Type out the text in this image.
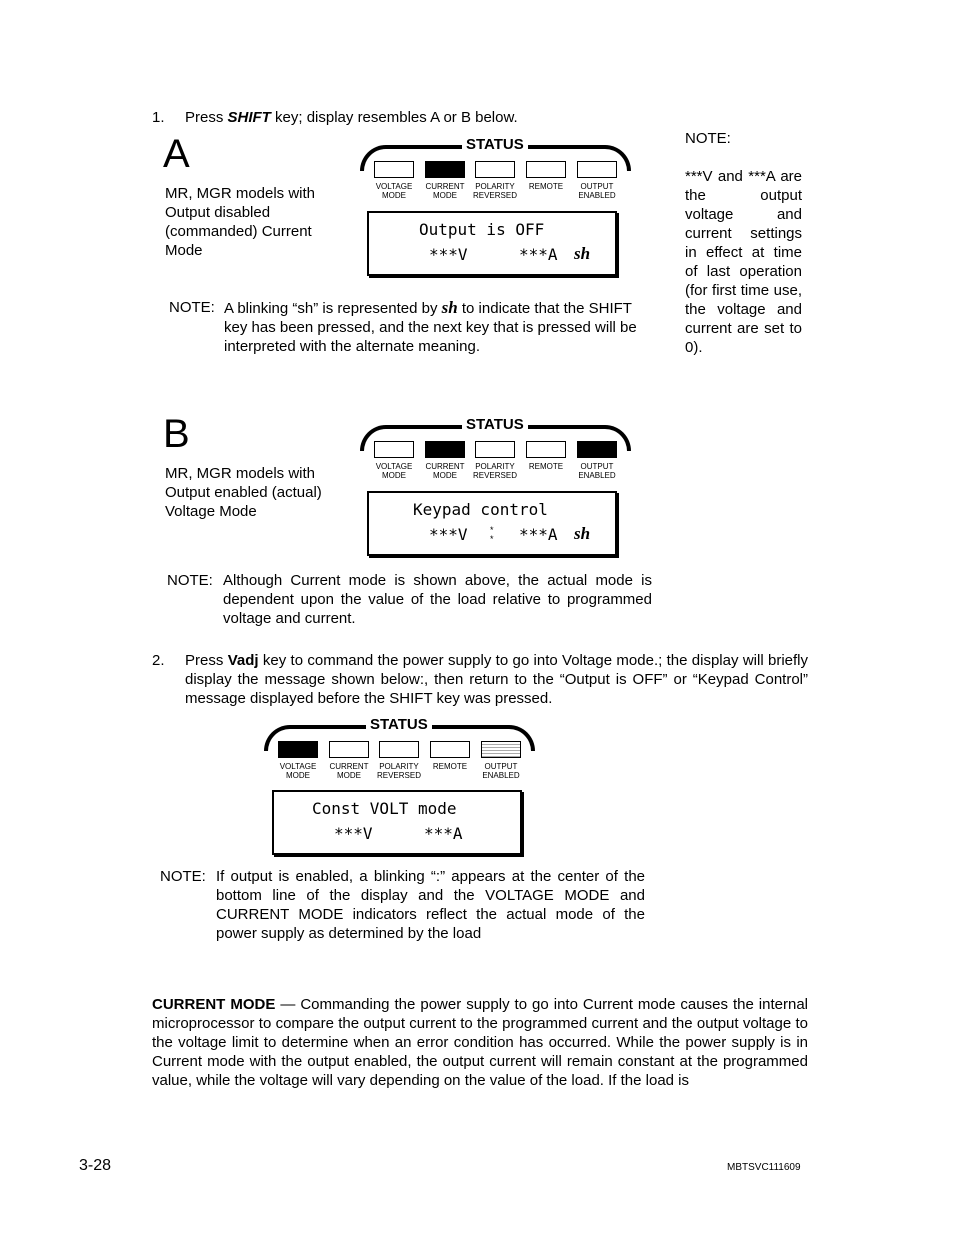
1. Press SHIFT key; display resembles A or B below.
NOTE:
***V and ***A are the output voltage and current settings in effect at time of last operation (for first time use, the voltage and current are set to 0).
A
MR, MGR models with Output disabled (commanded) Current Mode
STATUS
VOLTAGE
MODE
CURRENT
MODE
POLARITY
REVERSED
REMOTE	OUTPUT
ENABLED
Output is OFF
***V	***A sh
NOTE: A blinking “sh” is represented by sh to indicate that the SHIFT key has been pressed, and the next key that is pressed will be interpreted with the alternate meaning.
B
MR, MGR models with Output enabled (actual) Voltage Mode
STATUS
VOLTAGE
MODE
CURRENT
MODE
POLARITY
REVERSED
REMOTE	OUTPUT
ENABLED
Keypad control
***V *
* ***A sh
NOTE: Although Current mode is shown above, the actual mode is dependent upon the value of the load relative to programmed voltage and current.
2. Press Vadj key to command the power supply to go into Voltage mode.; the display will briefly display the message shown below:, then return to the “Output is OFF” or “Keypad Control” message displayed before the SHIFT key was pressed.
STATUS
VOLTAGE
MODE
CURRENT
MODE
POLARITY
REVERSED
REMOTE	OUTPUT
ENABLED
Const VOLT mode
***V	***A
NOTE: If output is enabled, a blinking “:” appears at the center of the bottom line of the display and the VOLTAGE MODE and CURRENT MODE indicators reflect the actual mode of the power supply as determined by the load
CURRENT MODE — Commanding the power supply to go into Current mode causes the internal microprocessor to compare the output current to the programmed current and the output voltage to the voltage limit to determine when an error condition has occurred. While the power supply is in Current mode with the output enabled, the output current will remain constant at the programmed value, while the voltage will vary depending on the value of the load. If the load is
3-28	MBTSVC111609
